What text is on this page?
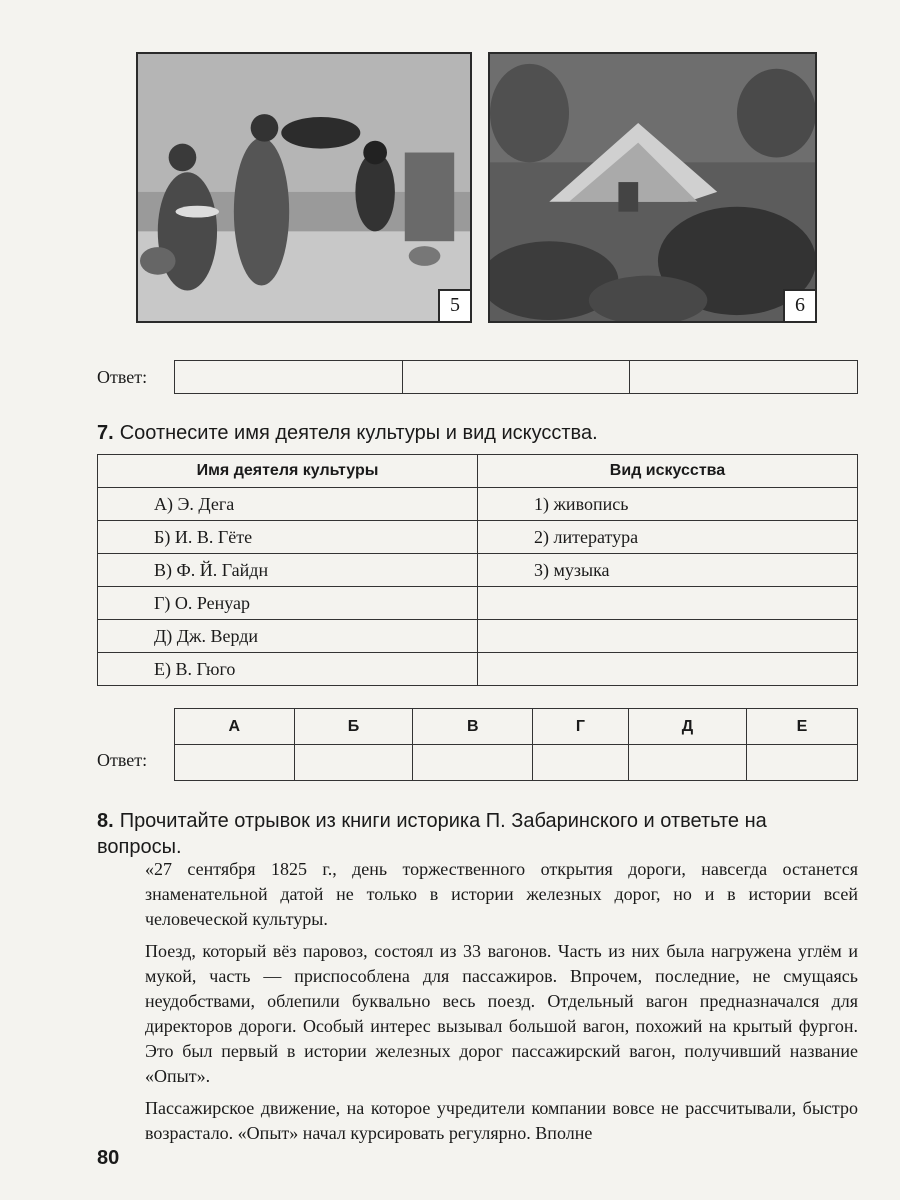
5	6
Ответ:

7. Соотнесите имя деятеля культуры и вид искусства.
Имя деятеля культуры	Вид искусства
А) Э. Дега	1) живопись
Б) И. В. Гёте	2) литература
В) Ф. Й. Гайдн	3) музыка
Г) О. Ренуар	
Д) Дж. Верди	
Е) В. Гюго	
Ответ:
А	Б	В	Г	Д	Е

8. Прочитайте отрывок из книги историка П. Забаринского и ответьте на
вопросы.
«27 сентября 1825 г., день торжественного открытия дороги, навсегда останется знаменательной датой не только в истории железных дорог, но и в истории всей человеческой культуры.
Поезд, который вёз паровоз, состоял из 33 вагонов. Часть из них была нагружена углём и мукой, часть — приспособлена для пассажиров. Впрочем, последние, не смущаясь неудобствами, облепили буквально весь поезд. Отдельный вагон предназначался для директоров дороги. Особый интерес вызывал большой вагон, похожий на крытый фургон. Это был первый в истории железных дорог пассажирский вагон, получивший название «Опыт».
Пассажирское движение, на которое учредители компании вовсе не рассчитывали, быстро возрастало. «Опыт» начал курсировать регулярно. Вполне
80
